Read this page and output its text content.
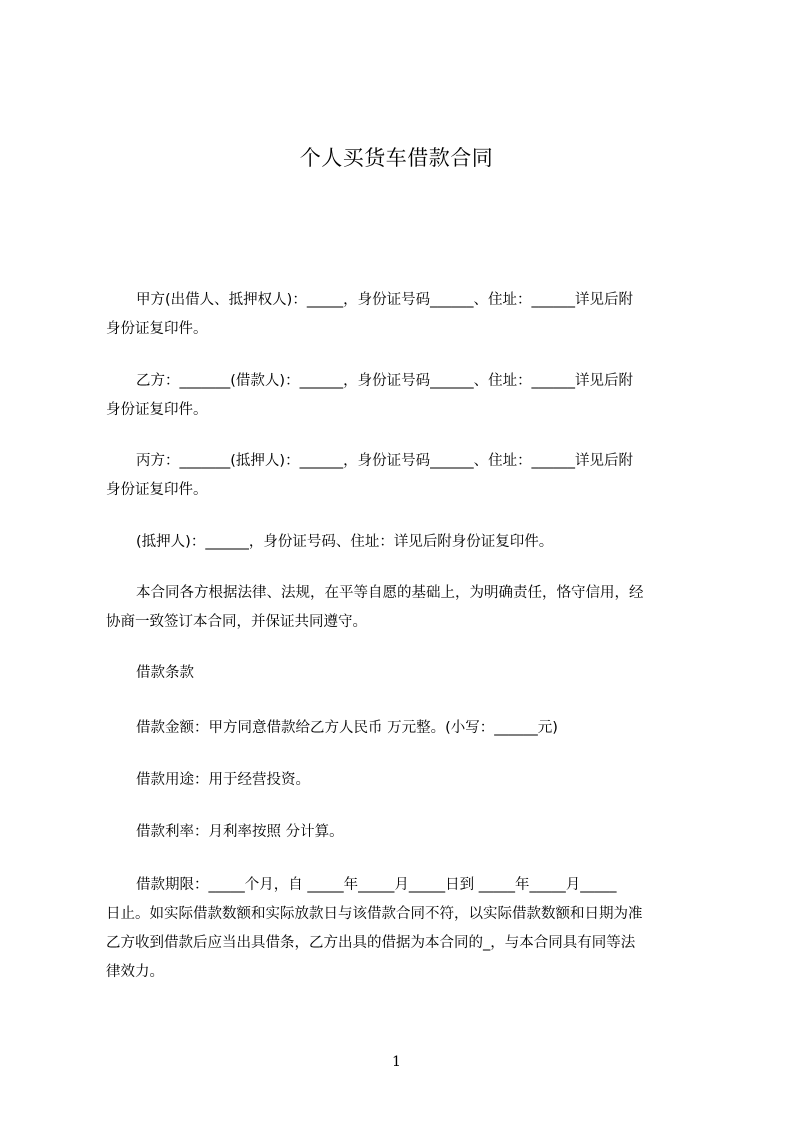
个人买货车借款合同
甲方(出借人、抵押权人)：_____，身份证号码______、住址：______详见后附
身份证复印件。
乙方：_______(借款人)：______，身份证号码______、住址：______详见后附
身份证复印件。
丙方：_______(抵押人)：______，身份证号码______、住址：______详见后附
身份证复印件。
(抵押人)：______，身份证号码、住址：详见后附身份证复印件。
本合同各方根据法律、法规，在平等自愿的基础上，为明确责任，恪守信用，经
协商一致签订本合同，并保证共同遵守。
借款条款
借款金额：甲方同意借款给乙方人民币 万元整。(小写：______元)
借款用途：用于经营投资。
借款利率：月利率按照 分计算。
借款期限：_____个月，自 _____年_____月_____日到 _____年_____月_____
日止。如实际借款数额和实际放款日与该借款合同不符，以实际借款数额和日期为准
乙方收到借款后应当出具借条，乙方出具的借据为本合同的_，与本合同具有同等法
律效力。
1
